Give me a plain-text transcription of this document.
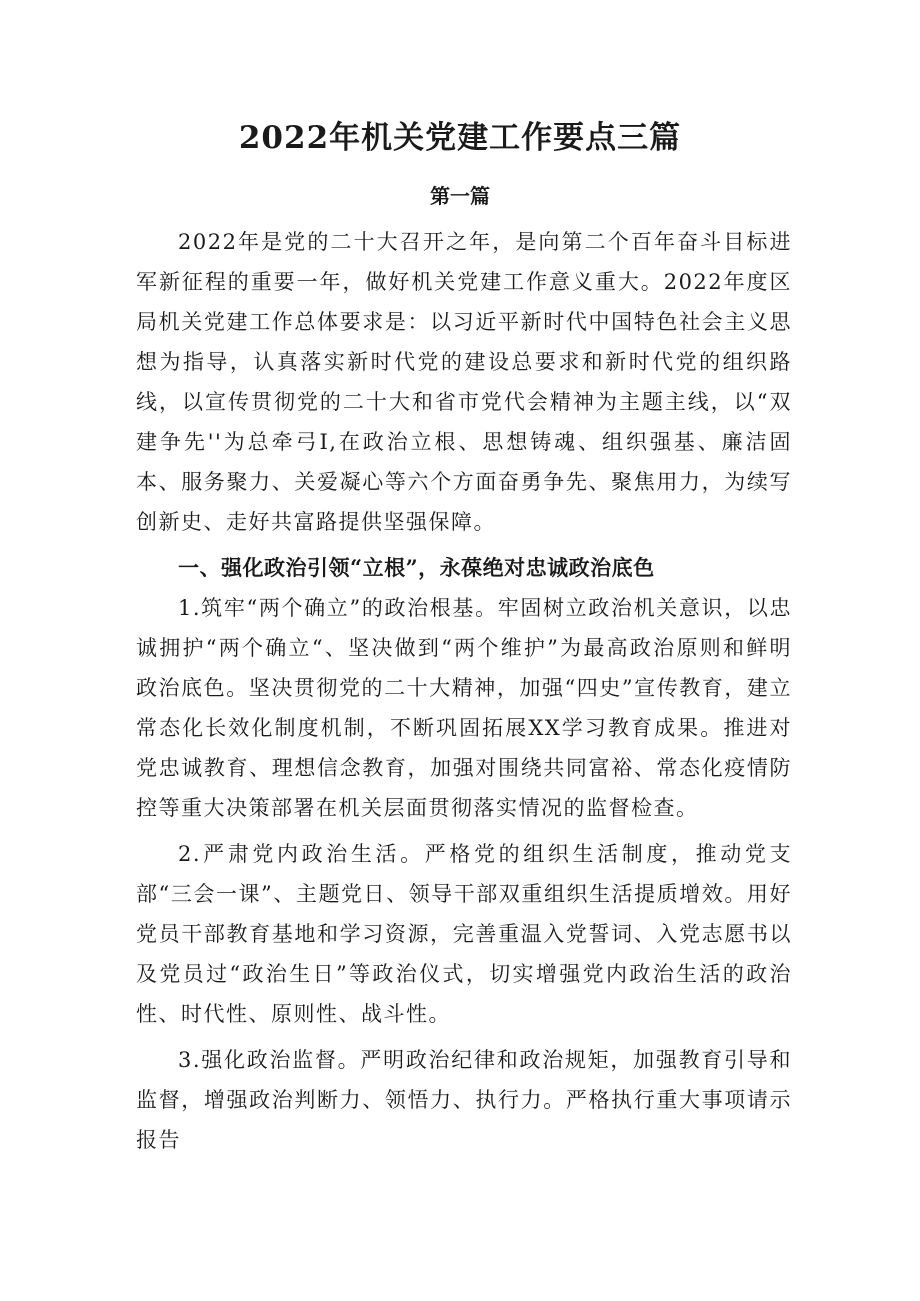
2022年机关党建工作要点三篇
第一篇

2022年是党的二十大召开之年，是向第二个百年奋斗目标进军新征程的重要一年，做好机关党建工作意义重大。2022年度区局机关党建工作总体要求是：以习近平新时代中国特色社会主义思想为指导，认真落实新时代党的建设总要求和新时代党的组织路线，以宣传贯彻党的二十大和省市党代会精神为主题主线，以“双建争先''为总牵弓I,在政治立根、思想铸魂、组织强基、廉洁固本、服务聚力、关爱凝心等六个方面奋勇争先、聚焦用力，为续写创新史、走好共富路提供坚强保障。

一、强化政治引领“立根”，永葆绝对忠诚政治底色

1.筑牢“两个确立”的政治根基。牢固树立政治机关意识，以忠诚拥护“两个确立“、坚决做到“两个维护”为最高政治原则和鲜明政治底色。坚决贯彻党的二十大精神，加强“四史”宣传教育，建立常态化长效化制度机制，不断巩固拓展XX学习教育成果。推进对党忠诚教育、理想信念教育，加强对围绕共同富裕、常态化疫情防控等重大决策部署在机关层面贯彻落实情况的监督检查。

2.严肃党内政治生活。严格党的组织生活制度，推动党支部“三会一课”、主题党日、领导干部双重组织生活提质增效。用好党员干部教育基地和学习资源，完善重温入党誓词、入党志愿书以及党员过“政治生日”等政治仪式，切实增强党内政治生活的政治性、时代性、原则性、战斗性。

3.强化政治监督。严明政治纪律和政治规矩，加强教育引导和监督，增强政治判断力、领悟力、执行力。严格执行重大事项请示报告
